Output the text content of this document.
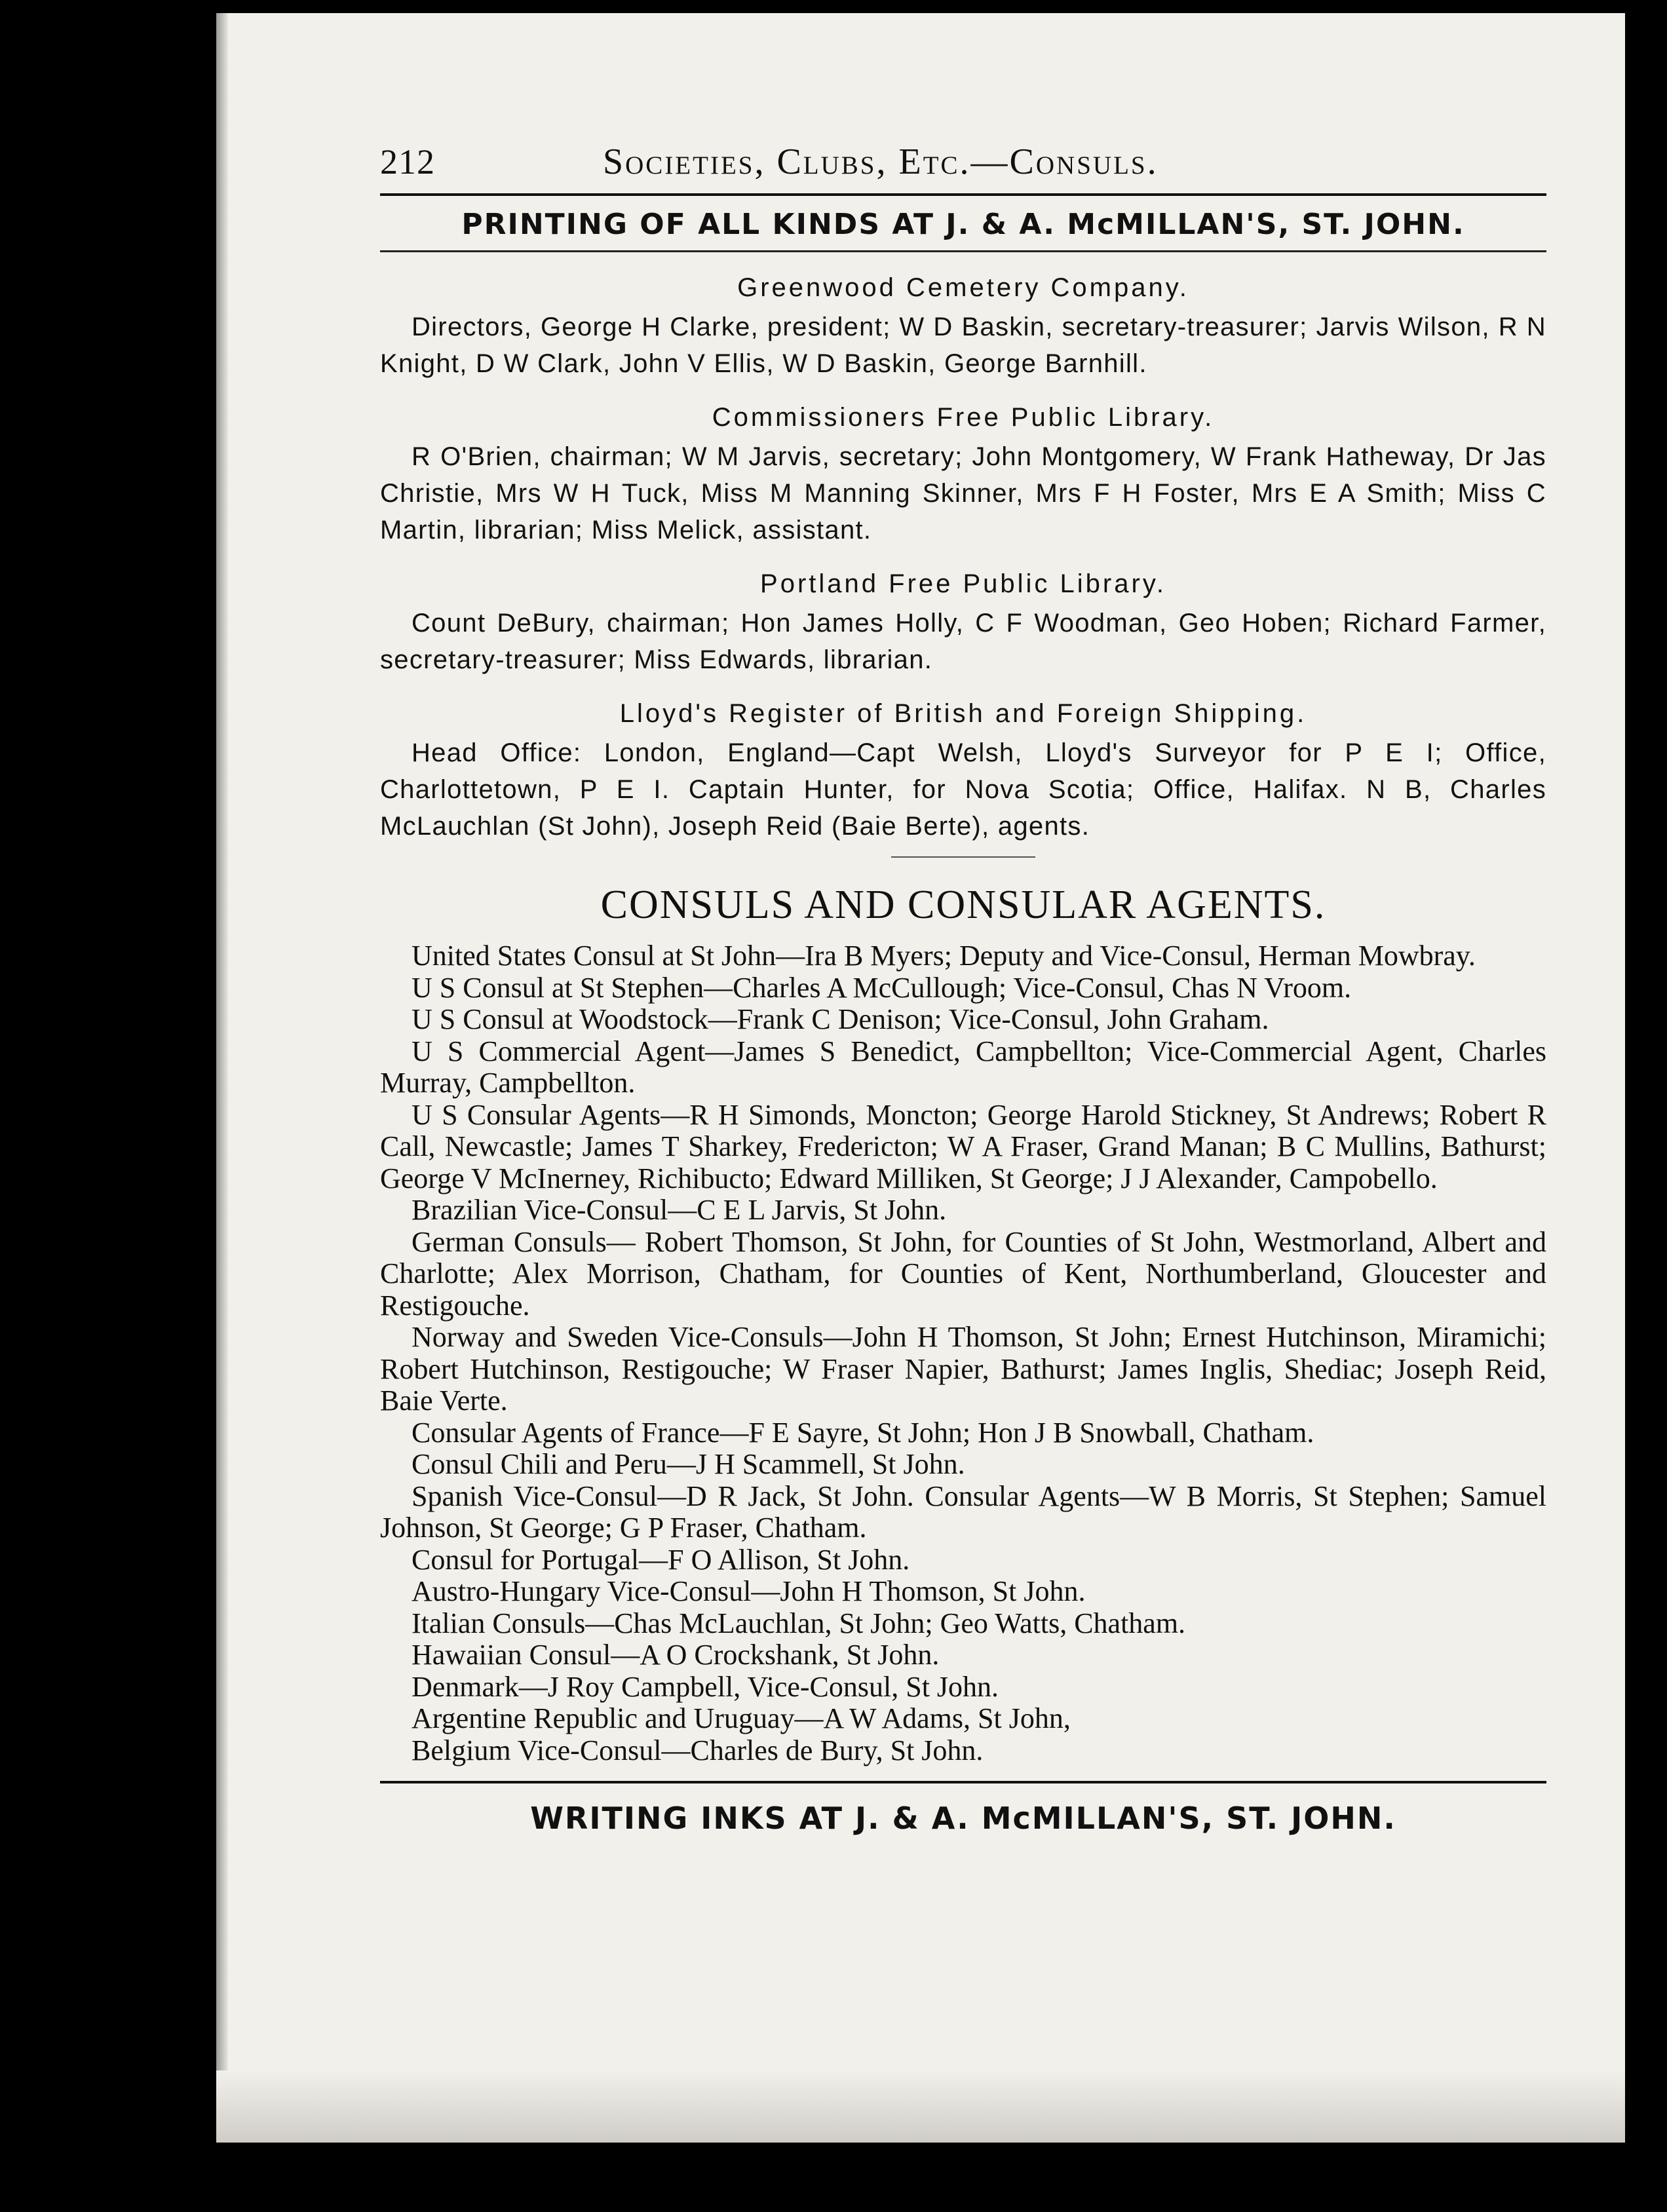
212	Societies, Clubs, Etc.—Consuls.
PRINTING OF ALL KINDS AT J. & A. McMILLAN'S, ST. JOHN.
Greenwood Cemetery Company.

Directors, George H Clarke, president; W D Baskin, secretary-treasurer; Jarvis Wilson, R N Knight, D W Clark, John V Ellis, W D Baskin, George Barnhill.

Commissioners Free Public Library.

R O'Brien, chairman; W M Jarvis, secretary; John Montgomery, W Frank Hatheway, Dr Jas Christie, Mrs W H Tuck, Miss M Manning Skinner, Mrs F H Foster, Mrs E A Smith; Miss C Martin, librarian; Miss Melick, assistant.

Portland Free Public Library.

Count DeBury, chairman; Hon James Holly, C F Woodman, Geo Hoben; Richard Farmer, secretary-treasurer; Miss Edwards, librarian.

Lloyd's Register of British and Foreign Shipping.

Head Office: London, England—Capt Welsh, Lloyd's Surveyor for P E I; Office, Charlottetown, P E I. Captain Hunter, for Nova Scotia; Office, Halifax. N B, Charles McLauchlan (St John), Joseph Reid (Baie Berte), agents.

CONSULS AND CONSULAR AGENTS.

United States Consul at St John—Ira B Myers; Deputy and Vice-Consul, Herman Mowbray.

U S Consul at St Stephen—Charles A McCullough; Vice-Consul, Chas N Vroom.

U S Consul at Woodstock—Frank C Denison; Vice-Consul, John Graham.

U S Commercial Agent—James S Benedict, Campbellton; Vice-Commercial Agent, Charles Murray, Campbellton.

U S Consular Agents—R H Simonds, Moncton; George Harold Stickney, St Andrews; Robert R Call, Newcastle; James T Sharkey, Fredericton; W A Fraser, Grand Manan; B C Mullins, Bathurst; George V McInerney, Richibucto; Edward Milliken, St George; J J Alexander, Campobello.

Brazilian Vice-Consul—C E L Jarvis, St John.

German Consuls— Robert Thomson, St John, for Counties of St John, Westmorland, Albert and Charlotte; Alex Morrison, Chatham, for Counties of Kent, Northumberland, Gloucester and Restigouche.

Norway and Sweden Vice-Consuls—John H Thomson, St John; Ernest Hutchinson, Miramichi; Robert Hutchinson, Restigouche; W Fraser Napier, Bathurst; James Inglis, Shediac; Joseph Reid, Baie Verte.

Consular Agents of France—F E Sayre, St John; Hon J B Snowball, Chatham.

Consul Chili and Peru—J H Scammell, St John.

Spanish Vice-Consul—D R Jack, St John. Consular Agents—W B Morris, St Stephen; Samuel Johnson, St George; G P Fraser, Chatham.

Consul for Portugal—F O Allison, St John.

Austro-Hungary Vice-Consul—John H Thomson, St John.

Italian Consuls—Chas McLauchlan, St John; Geo Watts, Chatham.

Hawaiian Consul—A O Crockshank, St John.

Denmark—J Roy Campbell, Vice-Consul, St John.

Argentine Republic and Uruguay—A W Adams, St John,

Belgium Vice-Consul—Charles de Bury, St John.

WRITING INKS AT J. & A. McMILLAN'S, ST. JOHN.
